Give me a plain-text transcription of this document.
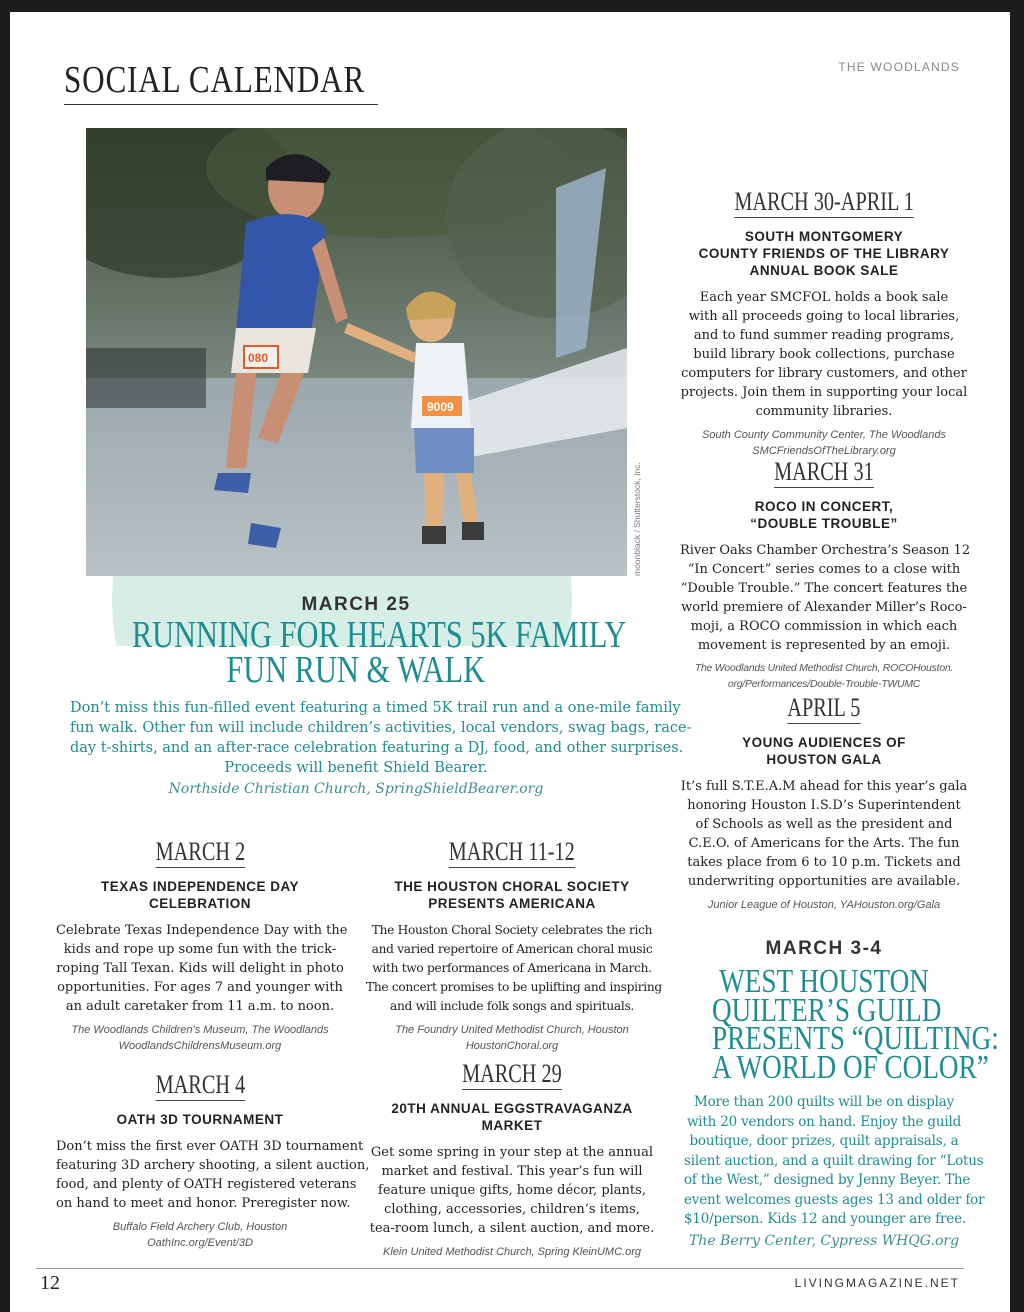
SOCIAL CALENDAR	THE WOODLANDS
080
9009
moonblack / Shutterstock, Inc.
MARCH 25
RUNNING FOR HEARTS 5K FAMILY
FUN RUN & WALK

Don’t miss this fun-filled event featuring a timed 5K trail run and a one-mile family

fun walk. Other fun will include children’s activities, local vendors, swag bags, race-

day t-shirts, and an after-race celebration featuring a DJ, food, and other surprises.

Proceeds will benefit Shield Bearer.

Northside Christian Church, SpringShieldBearer.org
MARCH 2
TEXAS INDEPENDENCE DAY
CELEBRATION
Celebrate Texas Independence Day with the
kids and rope up some fun with the trick-
roping Tall Texan. Kids will delight in photo
opportunities. For ages 7 and younger with
an adult caretaker from 11 a.m. to noon.
The Woodlands Children’s Museum, The Woodlands
WoodlandsChildrensMuseum.org
MARCH 4
OATH 3D TOURNAMENT
Don’t miss the first ever OATH 3D tournament
featuring 3D archery shooting, a silent auction,
food, and plenty of OATH registered veterans
on hand to meet and honor. Preregister now.
Buffalo Field Archery Club, Houston
OathInc.org/Event/3D
MARCH 11-12
THE HOUSTON CHORAL SOCIETY
PRESENTS AMERICANA
The Houston Choral Society celebrates the rich
and varied repertoire of American choral music
with two performances of Americana in March.
The concert promises to be uplifting and inspiring
and will include folk songs and spirituals.
The Foundry United Methodist Church, Houston
HoustonChoral.org
MARCH 29
20TH ANNUAL EGGSTRAVAGANZA
MARKET
Get some spring in your step at the annual
market and festival. This year’s fun will
feature unique gifts, home décor, plants,
clothing, accessories, children’s items,
tea-room lunch, a silent auction, and more.
Klein United Methodist Church, Spring KleinUMC.org
MARCH 30-APRIL 1
SOUTH MONTGOMERY
COUNTY FRIENDS OF THE LIBRARY
ANNUAL BOOK SALE
Each year SMCFOL holds a book sale
with all proceeds going to local libraries,
and to fund summer reading programs,
build library book collections, purchase
computers for library customers, and other
projects. Join them in supporting your local
community libraries.
South County Community Center, The Woodlands
SMCFriendsOfTheLibrary.org
MARCH 31
ROCO IN CONCERT,
“DOUBLE TROUBLE”
River Oaks Chamber Orchestra’s Season 12
“In Concert” series comes to a close with
“Double Trouble.” The concert features the
world premiere of Alexander Miller’s Roco-
moji, a ROCO commission in which each
movement is represented by an emoji.
The Woodlands United Methodist Church, ROCOHouston.
org/Performances/Double-Trouble-TWUMC
APRIL 5
YOUNG AUDIENCES OF
HOUSTON GALA
It’s full S.T.E.A.M ahead for this year’s gala
honoring Houston I.S.D’s Superintendent
of Schools as well as the president and
C.E.O. of Americans for the Arts. The fun
takes place from 6 to 10 p.m. Tickets and
underwriting opportunities are available.
Junior League of Houston, YAHouston.org/Gala
MARCH 3-4
WEST HOUSTON
QUILTER’S GUILD
PRESENTS “QUILTING:
A WORLD OF COLOR”
More than 200 quilts will be on display
with 20 vendors on hand. Enjoy the guild
boutique, door prizes, quilt appraisals, a
silent auction, and a quilt drawing for “Lotus
of the West,” designed by Jenny Beyer. The
event welcomes guests ages 13 and older for
$10/person. Kids 12 and younger are free.
The Berry Center, Cypress WHQG.org
12	LIVINGMAGAZINE.NET
